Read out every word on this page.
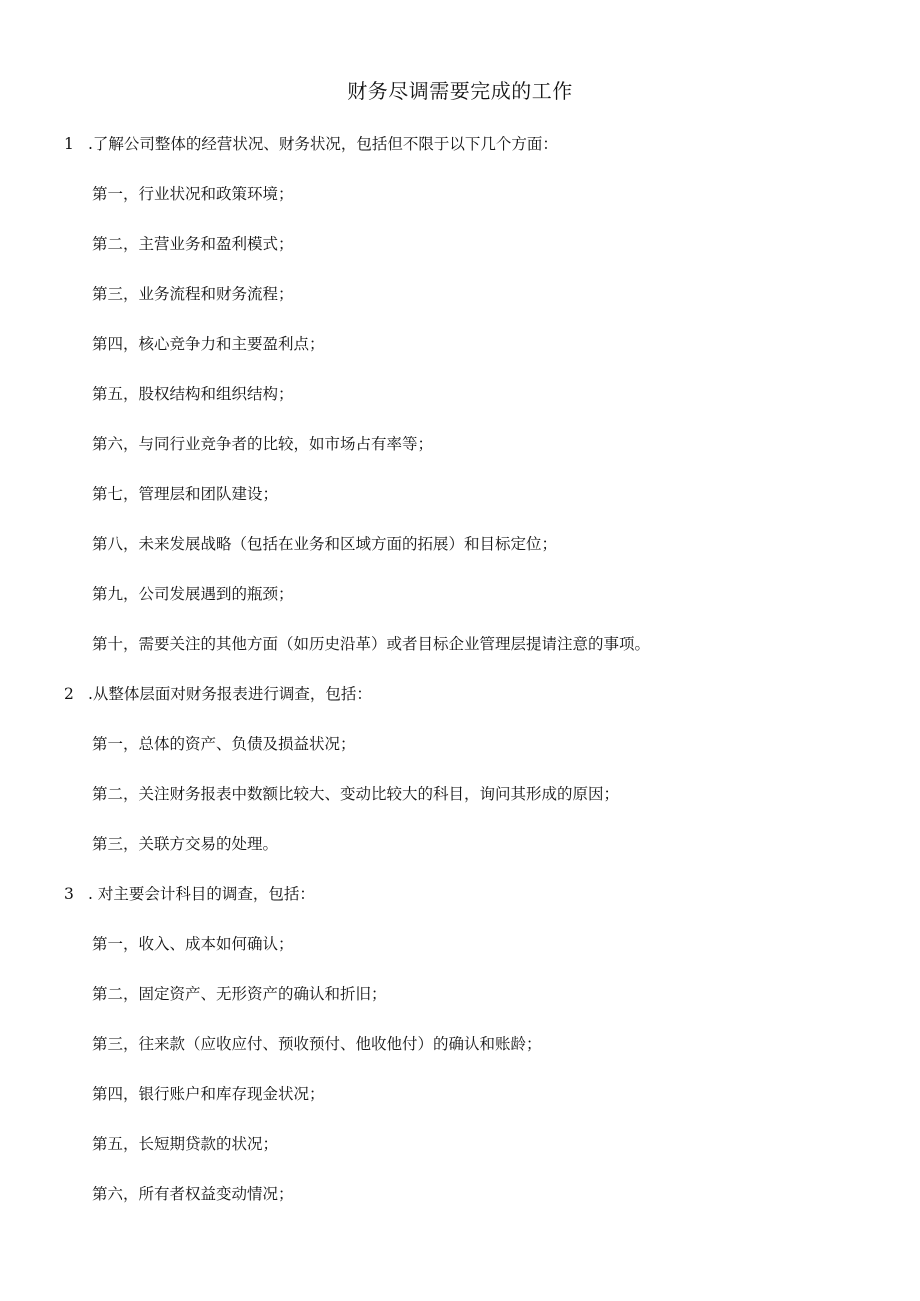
财务尽调需要完成的工作
1 .了解公司整体的经营状况、财务状况，包括但不限于以下几个方面：
第一，行业状况和政策环境；
第二，主营业务和盈利模式；
第三，业务流程和财务流程；
第四，核心竞争力和主要盈利点；
第五，股权结构和组织结构；
第六，与同行业竞争者的比较，如市场占有率等；
第七，管理层和团队建设；
第八，未来发展战略（包括在业务和区域方面的拓展）和目标定位；
第九，公司发展遇到的瓶颈；
第十，需要关注的其他方面（如历史沿革）或者目标企业管理层提请注意的事项。
2 .从整体层面对财务报表进行调查，包括：
第一，总体的资产、负债及损益状况；
第二，关注财务报表中数额比较大、变动比较大的科目，询问其形成的原因；
第三，关联方交易的处理。
3 . 对主要会计科目的调查，包括：
第一，收入、成本如何确认；
第二，固定资产、无形资产的确认和折旧；
第三，往来款（应收应付、预收预付、他收他付）的确认和账龄；
第四，银行账户和库存现金状况；
第五，长短期贷款的状况；
第六，所有者权益变动情况；
